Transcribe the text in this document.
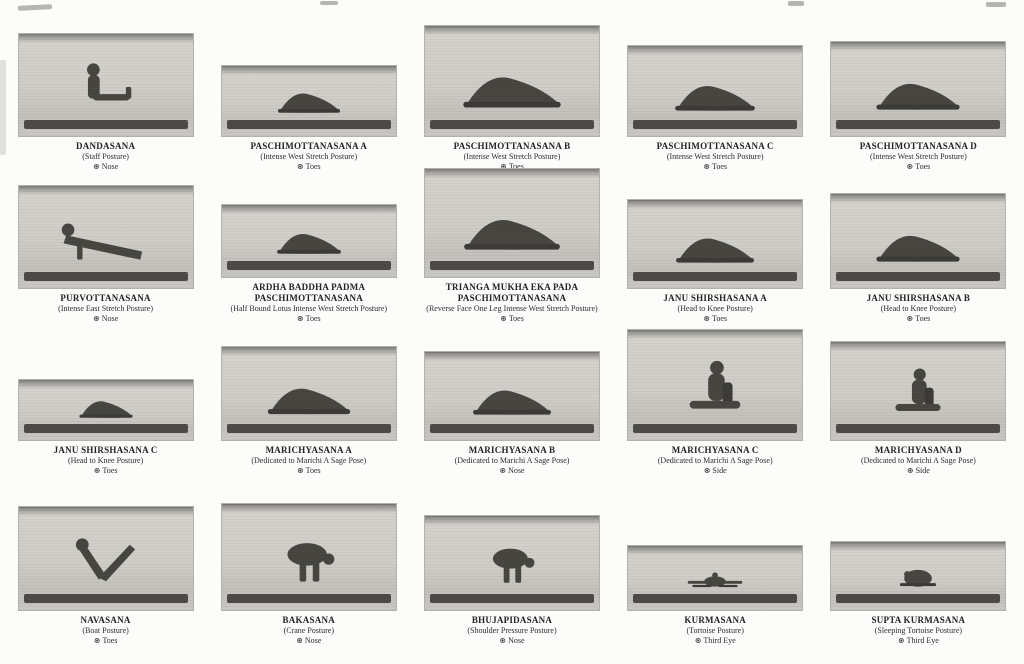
DANDASANA
(Staff Posture)
⊛ Nose
PASCHIMOTTANASANA A
(Intense West Stretch Posture)
⊛ Toes
PASCHIMOTTANASANA B
(Intense West Stretch Posture)
PASCHIMOTTANASANA C
(Intense West Stretch Posture)
⊛ Toes
PASCHIMOTTANASANA D
(Intense West Stretch Posture)
⊛ Toes
PURVOTTANASANA
(Intense East Stretch Posture)
⊛ Nose
ARDHA BADDHA PADMA PASCHIMOTTANASANA
(Half Bound Lotus Intense West Stretch Posture)
⊛ Toes
TRIANGA MUKHA EKA PADA PASCHIMOTTANASANA
(Reverse Face One Leg Intense West Stretch Posture)
⊛ Toes
JANU SHIRSHASANA A
(Head to Knee Posture)
⊛ Toes
JANU SHIRSHASANA B
(Head to Knee Posture)
⊛ Toes
JANU SHIRSHASANA C
(Head to Knee Posture)
⊛ Toes
MARICHYASANA A
(Dedicated to Marichi A Sage Pose)
⊛ Toes
MARICHYASANA B
(Dedicated to Marichi A Sage Pose)
⊛ Nose
MARICHYASANA C
(Dedicated to Marichi A Sage Pose)
⊛ Side
MARICHYASANA D
(Dedicated to Marichi A Sage Pose)
⊛ Side
NAVASANA
(Boat Posture)
⊛ Toes
BAKASANA
(Crane Posture)
⊛ Nose
BHUJAPIDASANA
(Shoulder Pressure Posture)
⊛ Nose
KURMASANA
(Tortoise Posture)
⊛ Third Eye
SUPTA KURMASANA
(Sleeping Tortoise Posture)
⊛ Third Eye
